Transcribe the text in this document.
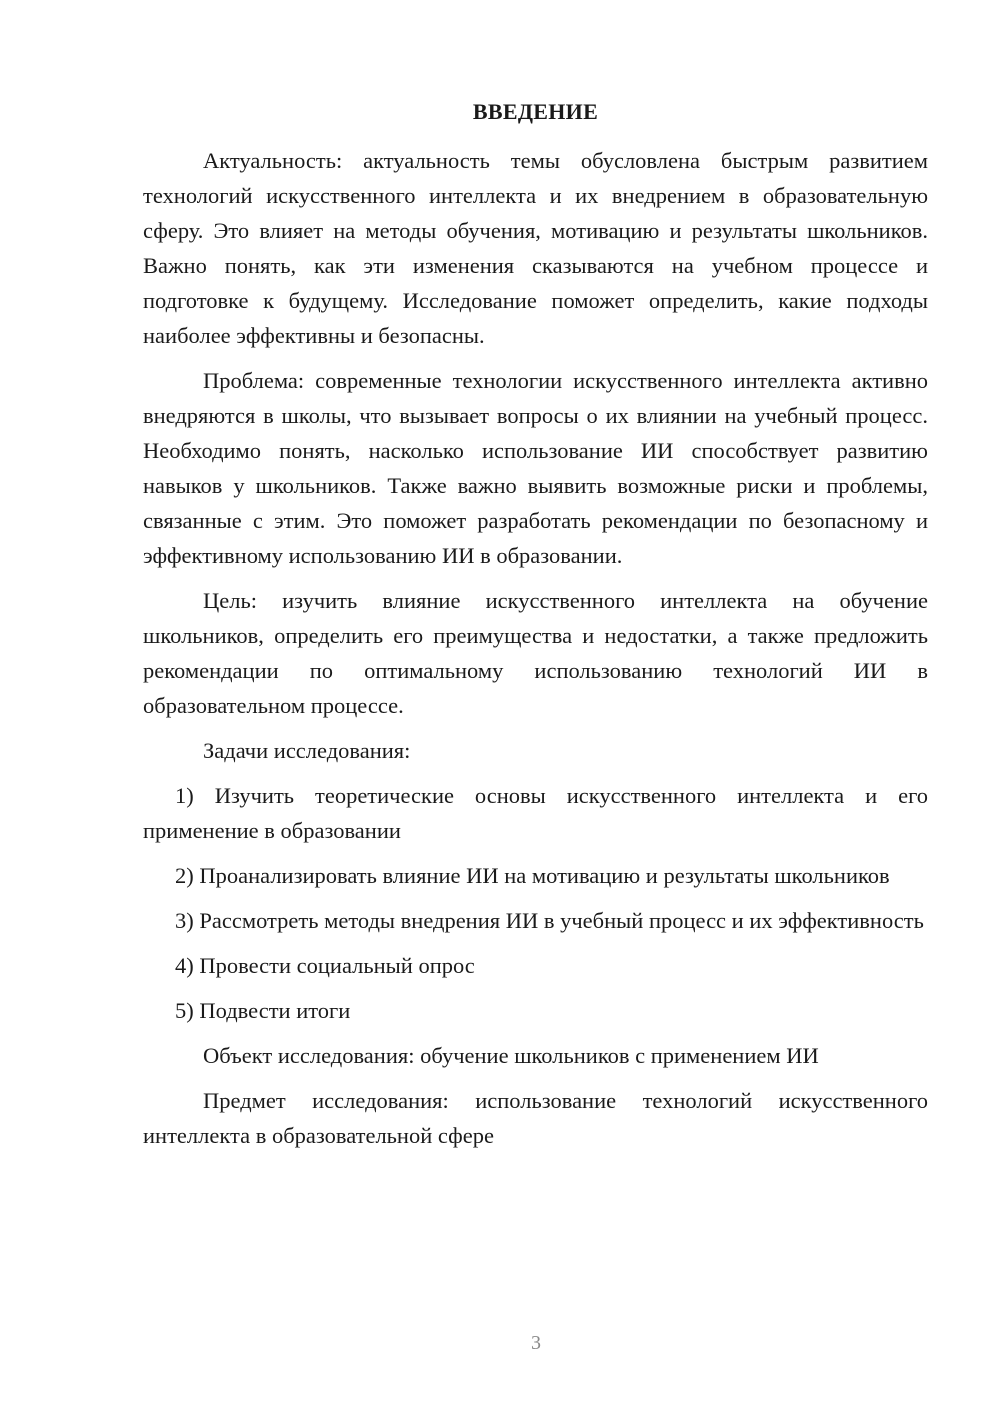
ВВЕДЕНИЕ

Актуальность: актуальность темы обусловлена быстрым развитием технологий искусственного интеллекта и их внедрением в образовательную сферу. Это влияет на методы обучения, мотивацию и результаты школьников. Важно понять, как эти изменения сказываются на учебном процессе и подготовке к будущему. Исследование поможет определить, какие подходы наиболее эффективны и безопасны.

Проблема: современные технологии искусственного интеллекта активно внедряются в школы, что вызывает вопросы о их влиянии на учебный процесс. Необходимо понять, насколько использование ИИ способствует развитию навыков у школьников. Также важно выявить возможные риски и проблемы, связанные с этим. Это поможет разработать рекомендации по безопасному и эффективному использованию ИИ в образовании.

Цель: изучить влияние искусственного интеллекта на обучение школьников, определить его преимущества и недостатки, а также предложить рекомендации по оптимальному использованию технологий ИИ в образовательном процессе.

Задачи исследования:

1) Изучить теоретические основы искусственного интеллекта и его применение в образовании

2) Проанализировать влияние ИИ на мотивацию и результаты школьников

3) Рассмотреть методы внедрения ИИ в учебный процесс и их эффективность

4) Провести социальный опрос

5) Подвести итоги

Объект исследования: обучение школьников с применением ИИ

Предмет исследования: использование технологий искусственного интеллекта в образовательной сфере

3
